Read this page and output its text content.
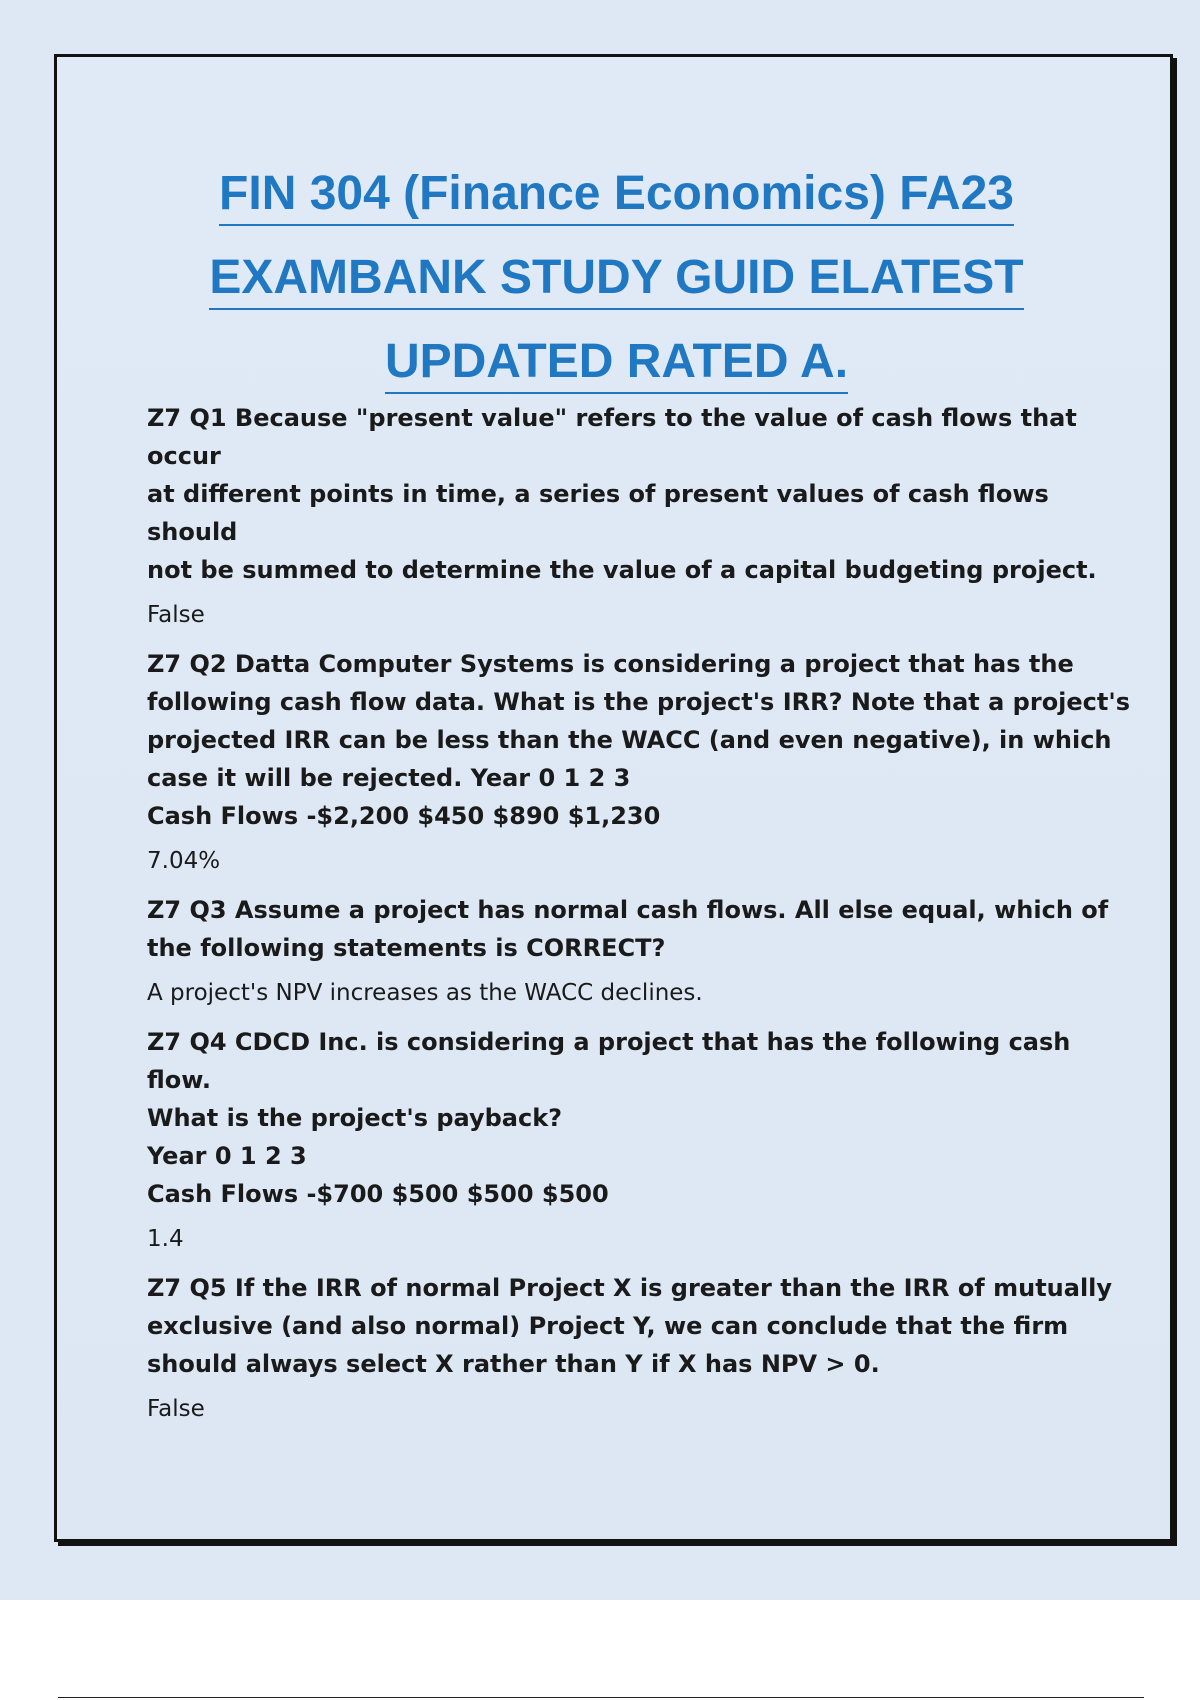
FIN 304 (Finance Economics) FA23
EXAMBANK STUDY GUID ELATEST
UPDATED RATED A.

Z7 Q1 Because "present value" refers to the value of cash flows that occur
at different points in time, a series of present values of cash flows should
not be summed to determine the value of a capital budgeting project.

False

Z7 Q2 Datta Computer Systems is considering a project that has the
following cash flow data. What is the project's IRR? Note that a project's
projected IRR can be less than the WACC (and even negative), in which
case it will be rejected. Year 0 1 2 3
Cash Flows -$2,200 $450 $890 $1,230

7.04%

Z7 Q3 Assume a project has normal cash flows. All else equal, which of
the following statements is CORRECT?

A project's NPV increases as the WACC declines.

Z7 Q4 CDCD Inc. is considering a project that has the following cash flow.
What is the project's payback?
Year 0 1 2 3
Cash Flows -$700 $500 $500 $500

1.4

Z7 Q5 If the IRR of normal Project X is greater than the IRR of mutually
exclusive (and also normal) Project Y, we can conclude that the firm
should always select X rather than Y if X has NPV > 0.

False
